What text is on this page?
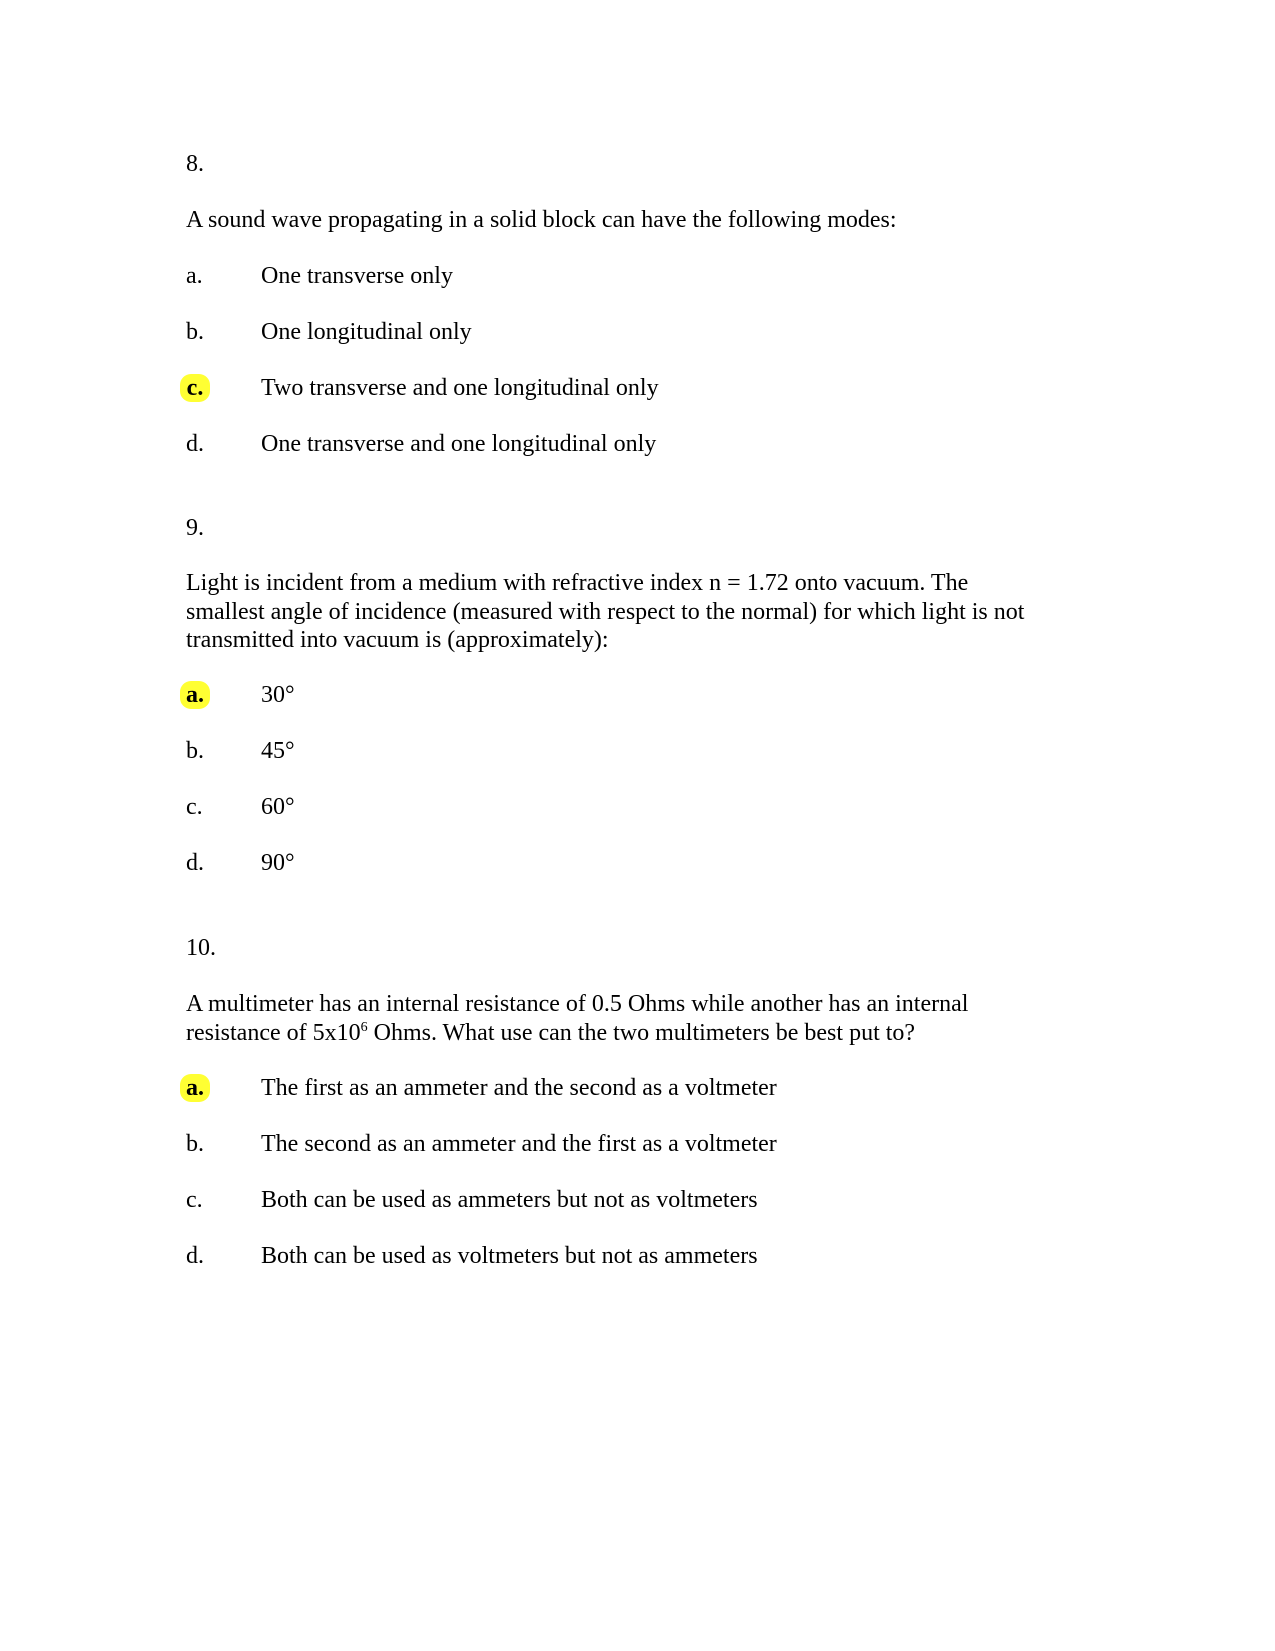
8.
A sound wave propagating in a solid block can have the following modes:
a.	One transverse only
b.	One longitudinal only
c. Two transverse and one longitudinal only
d.	One transverse and one longitudinal only
9.
Light is incident from a medium with refractive index n = 1.72 onto vacuum. The
smallest angle of incidence (measured with respect to the normal) for which light is not
transmitted into vacuum is (approximately):
a. 30°
b.	45°
c.	60°
d.	90°
10.
A multimeter has an internal resistance of 0.5 Ohms while another has an internal
resistance of $5x10^6$ Ohms. What use can the two multimeters be best put to?
a. The first as an ammeter and the second as a voltmeter
b.	The second as an ammeter and the first as a voltmeter
c.	Both can be used as ammeters but not as voltmeters
d.	Both can be used as voltmeters but not as ammeters
